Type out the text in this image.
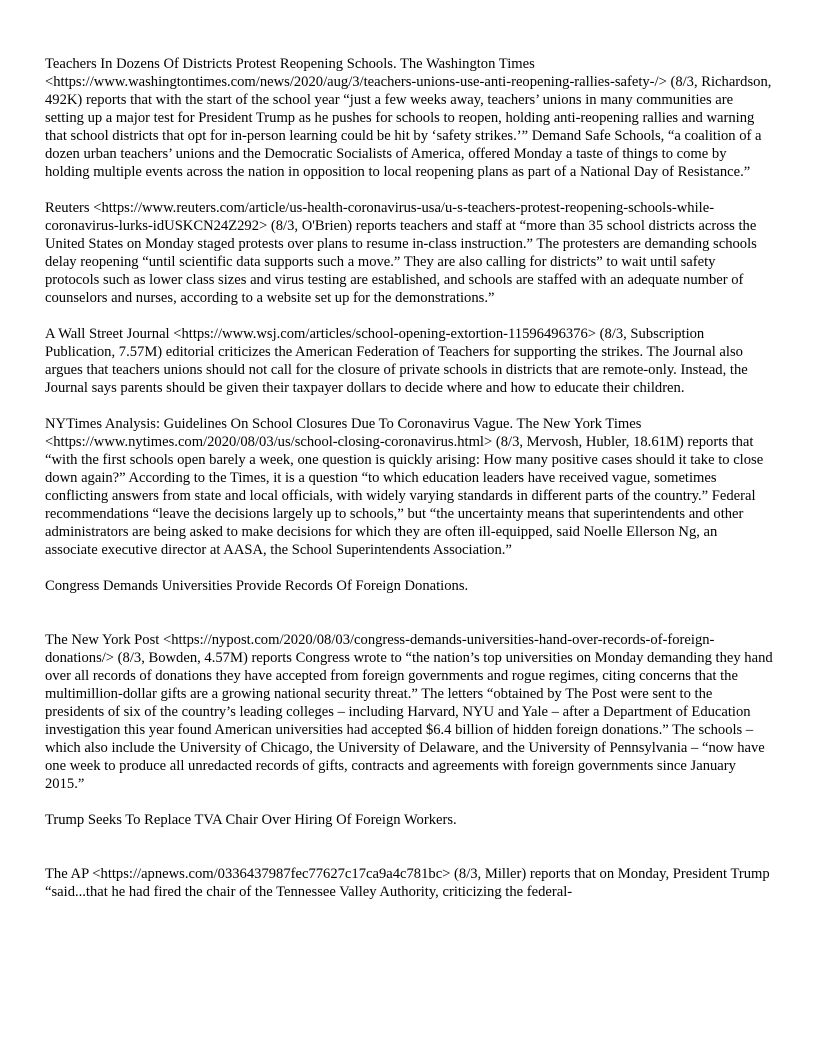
Teachers In Dozens Of Districts Protest Reopening Schools. The Washington Times <https://www.washingtontimes.com/news/2020/aug/3/teachers-unions-use-anti-reopening-rallies-safety-/> (8/3, Richardson, 492K) reports that with the start of the school year “just a few weeks away, teachers’ unions in many communities are setting up a major test for President Trump as he pushes for schools to reopen, holding anti-reopening rallies and warning that school districts that opt for in-person learning could be hit by ‘safety strikes.’” Demand Safe Schools, “a coalition of a dozen urban teachers’ unions and the Democratic Socialists of America, offered Monday a taste of things to come by holding multiple events across the nation in opposition to local reopening plans as part of a National Day of Resistance.”

Reuters <https://www.reuters.com/article/us-health-coronavirus-usa/u-s-teachers-protest-reopening-schools-while-coronavirus-lurks-idUSKCN24Z292> (8/3, O'Brien) reports teachers and staff at “more than 35 school districts across the United States on Monday staged protests over plans to resume in-class instruction.” The protesters are demanding schools delay reopening “until scientific data supports such a move.” They are also calling for districts” to wait until safety protocols such as lower class sizes and virus testing are established, and schools are staffed with an adequate number of counselors and nurses, according to a website set up for the demonstrations.”

A Wall Street Journal <https://www.wsj.com/articles/school-opening-extortion-11596496376> (8/3, Subscription Publication, 7.57M) editorial criticizes the American Federation of Teachers for supporting the strikes. The Journal also argues that teachers unions should not call for the closure of private schools in districts that are remote-only. Instead, the Journal says parents should be given their taxpayer dollars to decide where and how to educate their children.

NYTimes Analysis: Guidelines On School Closures Due To Coronavirus Vague. The New York Times <https://www.nytimes.com/2020/08/03/us/school-closing-coronavirus.html> (8/3, Mervosh, Hubler, 18.61M) reports that “with the first schools open barely a week, one question is quickly arising: How many positive cases should it take to close down again?” According to the Times, it is a question “to which education leaders have received vague, sometimes conflicting answers from state and local officials, with widely varying standards in different parts of the country.” Federal recommendations “leave the decisions largely up to schools,” but “the uncertainty means that superintendents and other administrators are being asked to make decisions for which they are often ill-equipped, said Noelle Ellerson Ng, an associate executive director at AASA, the School Superintendents Association.”

Congress Demands Universities Provide Records Of Foreign Donations.

The New York Post <https://nypost.com/2020/08/03/congress-demands-universities-hand-over-records-of-foreign-donations/> (8/3, Bowden, 4.57M) reports Congress wrote to “the nation’s top universities on Monday demanding they hand over all records of donations they have accepted from foreign governments and rogue regimes, citing concerns that the multimillion-dollar gifts are a growing national security threat.” The letters “obtained by The Post were sent to the presidents of six of the country’s leading colleges – including Harvard, NYU and Yale – after a Department of Education investigation this year found American universities had accepted $6.4 billion of hidden foreign donations.” The schools – which also include the University of Chicago, the University of Delaware, and the University of Pennsylvania – “now have one week to produce all unredacted records of gifts, contracts and agreements with foreign governments since January 2015.”

Trump Seeks To Replace TVA Chair Over Hiring Of Foreign Workers.

The AP <https://apnews.com/0336437987fec77627c17ca9a4c781bc> (8/3, Miller) reports that on Monday, President Trump “said...that he had fired the chair of the Tennessee Valley Authority, criticizing the federal-
